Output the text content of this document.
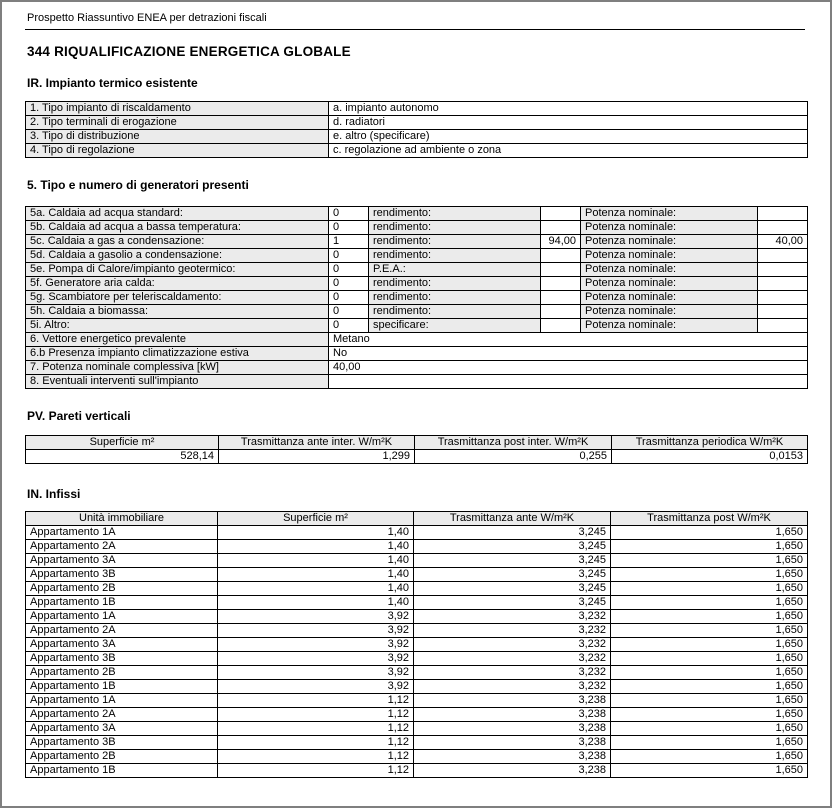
Prospetto Riassuntivo ENEA per detrazioni fiscali
344 RIQUALIFICAZIONE ENERGETICA GLOBALE
IR. Impianto termico esistente
1. Tipo impianto di riscaldamento	a. impianto autonomo
2. Tipo terminali di erogazione	d. radiatori
3. Tipo di distribuzione	e. altro (specificare)
4. Tipo di regolazione	c. regolazione ad ambiente o zona
5. Tipo e numero di generatori presenti
5a. Caldaia ad acqua standard:	0	rendimento:		Potenza nominale:	
5b. Caldaia ad acqua a bassa temperatura:	0	rendimento:		Potenza nominale:	
5c. Caldaia a gas a condensazione:	1	rendimento:	94,00	Potenza nominale:	40,00
5d. Caldaia a gasolio a condensazione:	0	rendimento:		Potenza nominale:	
5e. Pompa di Calore/impianto geotermico:	0	P.E.A.:		Potenza nominale:	
5f. Generatore aria calda:	0	rendimento:		Potenza nominale:	
5g. Scambiatore per teleriscaldamento:	0	rendimento:		Potenza nominale:	
5h. Caldaia a biomassa:	0	rendimento:		Potenza nominale:	
5i. Altro:	0	specificare:		Potenza nominale:	
6. Vettore energetico prevalente	Metano				
6.b Presenza impianto climatizzazione estiva	No				
7. Potenza nominale complessiva [kW]	40,00				
8. Eventuali interventi sull'impianto					
PV. Pareti verticali
Superficie m²	Trasmittanza ante inter. W/m²K	Trasmittanza post inter. W/m²K	Trasmittanza periodica W/m²K
528,14	1,299	0,255	0,0153
IN. Infissi
Unità immobiliare	Superficie m²	Trasmittanza ante W/m²K	Trasmittanza post W/m²K
Appartamento 1A	1,40	3,245	1,650
Appartamento 2A	1,40	3,245	1,650
Appartamento 3A	1,40	3,245	1,650
Appartamento 3B	1,40	3,245	1,650
Appartamento 2B	1,40	3,245	1,650
Appartamento 1B	1,40	3,245	1,650
Appartamento 1A	3,92	3,232	1,650
Appartamento 2A	3,92	3,232	1,650
Appartamento 3A	3,92	3,232	1,650
Appartamento 3B	3,92	3,232	1,650
Appartamento 2B	3,92	3,232	1,650
Appartamento 1B	3,92	3,232	1,650
Appartamento 1A	1,12	3,238	1,650
Appartamento 2A	1,12	3,238	1,650
Appartamento 3A	1,12	3,238	1,650
Appartamento 3B	1,12	3,238	1,650
Appartamento 2B	1,12	3,238	1,650
Appartamento 1B	1,12	3,238	1,650
